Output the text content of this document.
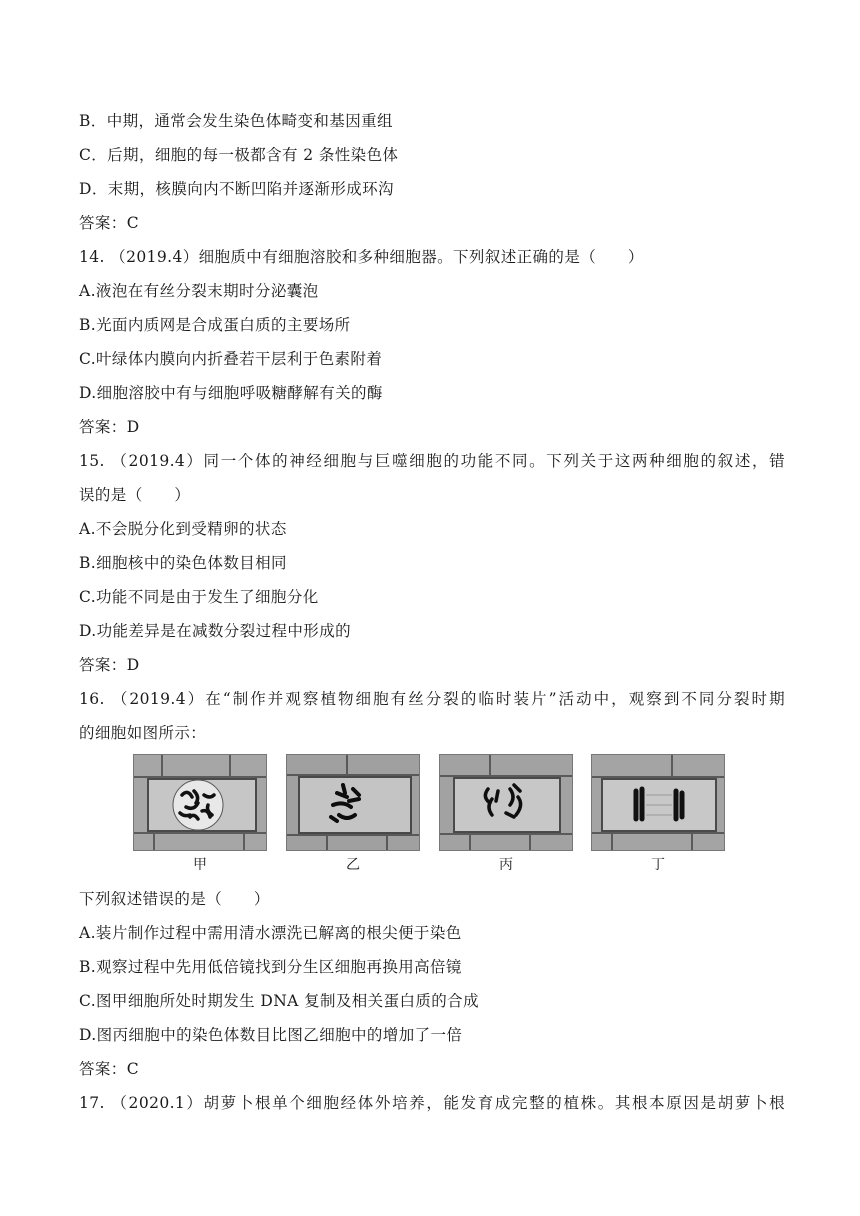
B．中期，通常会发生染色体畸变和基因重组
C．后期，细胞的每一极都含有 2 条性染色体
D．末期，核膜向内不断凹陷并逐渐形成环沟
答案：C
14. （2019.4）细胞质中有细胞溶胶和多种细胞器。下列叙述正确的是（　　）
A.液泡在有丝分裂末期时分泌囊泡
B.光面内质网是合成蛋白质的主要场所
C.叶绿体内膜向内折叠若干层利于色素附着
D.细胞溶胶中有与细胞呼吸糖酵解有关的酶
答案：D
15. （2019.4）同一个体的神经细胞与巨噬细胞的功能不同。下列关于这两种细胞的叙述，错
误的是（　　）
A.不会脱分化到受精卵的状态
B.细胞核中的染色体数目相同
C.功能不同是由于发生了细胞分化
D.功能差异是在减数分裂过程中形成的
答案：D
16. （2019.4）在“制作并观察植物细胞有丝分裂的临时装片”活动中，观察到不同分裂时期
的细胞如图所示：
甲	乙	丙	丁
下列叙述错误的是（　　）
A.装片制作过程中需用清水漂洗已解离的根尖便于染色
B.观察过程中先用低倍镜找到分生区细胞再换用高倍镜
C.图甲细胞所处时期发生 DNA 复制及相关蛋白质的合成
D.图丙细胞中的染色体数目比图乙细胞中的增加了一倍
答案：C
17. （2020.1）胡萝卜根单个细胞经体外培养，能发育成完整的植株。其根本原因是胡萝卜根
